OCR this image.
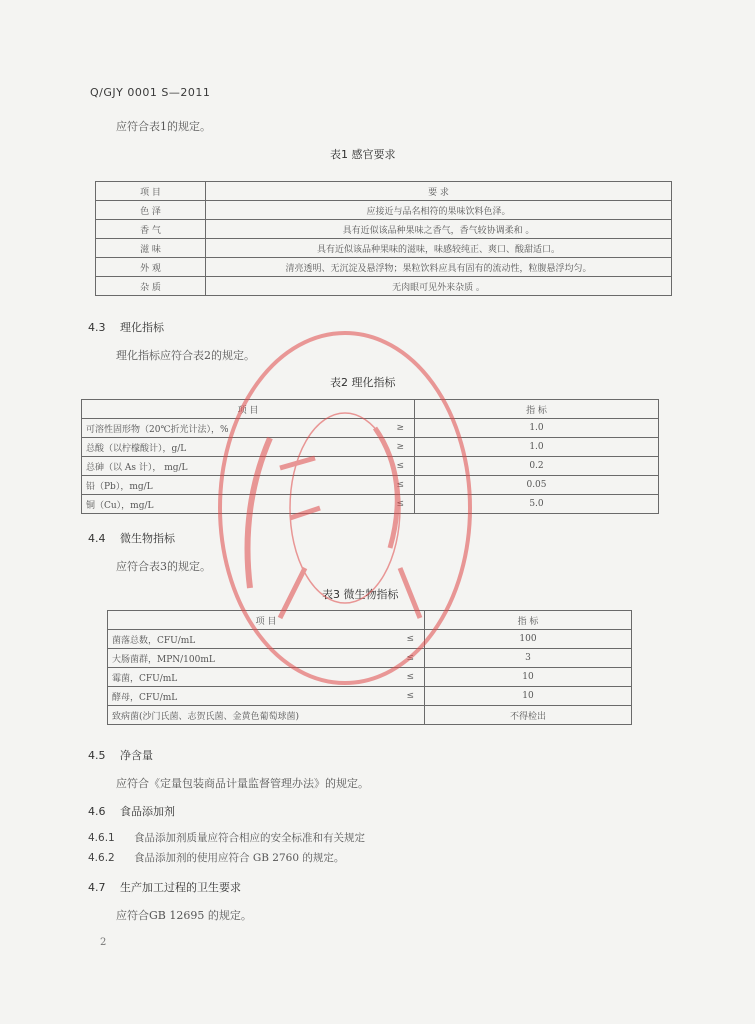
Q/GJY 0001 S—2011
应符合表1的规定。
表1 感官要求
项 目	要 求
色 泽	应接近与品名相符的果味饮料色泽。
香 气	具有近似该品种果味之香气，香气较协调柔和 。
滋 味	具有近似该品种果味的滋味，味感较纯正、爽口、酸甜适口。
外 观	清亮透明、无沉淀及悬浮物；果粒饮料应具有固有的流动性，粒腹悬浮均匀。
杂 质	无肉眼可见外来杂质 。
4.3 理化指标
理化指标应符合表2的规定。
表2 理化指标
项 目		指 标
可溶性固形物（20℃折光计法），%	≥	1.0
总酸（以柠檬酸计），g/L	≥	1.0
总砷（以 As 计）， mg/L	≤	0.2
铅（Pb），mg/L	≤	0.05
铜（Cu），mg/L	≤	5.0
4.4 微生物指标
应符合表3的规定。
表3 微生物指标
项 目		指 标
菌落总数，CFU/mL	≤	100
大肠菌群，MPN/100mL	≤	3
霉菌，CFU/mL	≤	10
酵母，CFU/mL	≤	10
致病菌(沙门氏菌、志贺氏菌、金黄色葡萄球菌)		不得检出
4.5 净含量
应符合《定量包装商品计量监督管理办法》的规定。
4.6 食品添加剂
4.6.1 食品添加剂质量应符合相应的安全标准和有关规定
4.6.2 食品添加剂的使用应符合 GB 2760 的规定。
4.7 生产加工过程的卫生要求
应符合GB 12695 的规定。
2
